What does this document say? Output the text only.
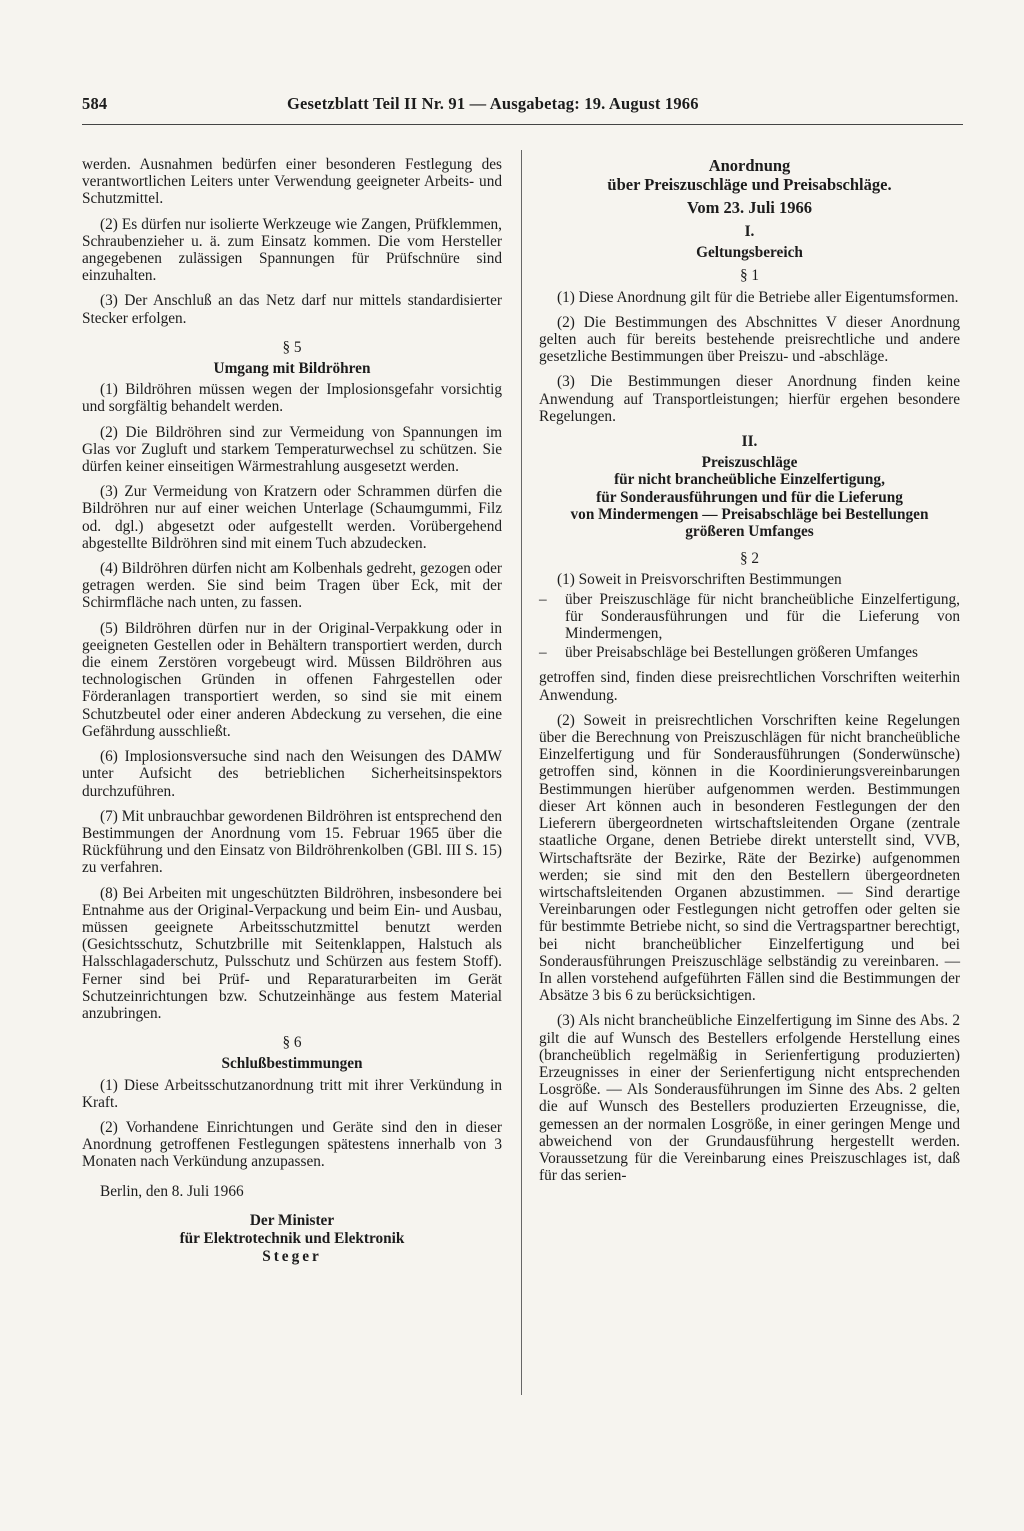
584	Gesetzblatt Teil II Nr. 91 — Ausgabetag: 19. August 1966

werden. Ausnahmen bedürfen einer besonderen Festlegung des verantwortlichen Leiters unter Verwendung geeigneter Arbeits- und Schutzmittel.

(2) Es dürfen nur isolierte Werkzeuge wie Zangen, Prüfklemmen, Schraubenzieher u. ä. zum Einsatz kommen. Die vom Hersteller angegebenen zulässigen Spannungen für Prüfschnüre sind einzuhalten.

(3) Der Anschluß an das Netz darf nur mittels standardisierter Stecker erfolgen.

§ 5
Umgang mit Bildröhren

(1) Bildröhren müssen wegen der Implosionsgefahr vorsichtig und sorgfältig behandelt werden.

(2) Die Bildröhren sind zur Vermeidung von Spannungen im Glas vor Zugluft und starkem Temperaturwechsel zu schützen. Sie dürfen keiner einseitigen Wärmestrahlung ausgesetzt werden.

(3) Zur Vermeidung von Kratzern oder Schrammen dürfen die Bildröhren nur auf einer weichen Unterlage (Schaumgummi, Filz od. dgl.) abgesetzt oder aufgestellt werden. Vorübergehend abgestellte Bildröhren sind mit einem Tuch abzudecken.

(4) Bildröhren dürfen nicht am Kolbenhals gedreht, gezogen oder getragen werden. Sie sind beim Tragen über Eck, mit der Schirmfläche nach unten, zu fassen.

(5) Bildröhren dürfen nur in der Original-Verpakkung oder in geeigneten Gestellen oder in Behältern transportiert werden, durch die einem Zerstören vorgebeugt wird. Müssen Bildröhren aus technologischen Gründen in offenen Fahrgestellen oder Förderanlagen transportiert werden, so sind sie mit einem Schutzbeutel oder einer anderen Abdeckung zu versehen, die eine Gefährdung ausschließt.

(6) Implosionsversuche sind nach den Weisungen des DAMW unter Aufsicht des betrieblichen Sicherheitsinspektors durchzuführen.

(7) Mit unbrauchbar gewordenen Bildröhren ist entsprechend den Bestimmungen der Anordnung vom 15. Februar 1965 über die Rückführung und den Einsatz von Bildröhrenkolben (GBl. III S. 15) zu verfahren.

(8) Bei Arbeiten mit ungeschützten Bildröhren, insbesondere bei Entnahme aus der Original-Verpackung und beim Ein- und Ausbau, müssen geeignete Arbeitsschutzmittel benutzt werden (Gesichtsschutz, Schutzbrille mit Seitenklappen, Halstuch als Halsschlagaderschutz, Pulsschutz und Schürzen aus festem Stoff). Ferner sind bei Prüf- und Reparaturarbeiten im Gerät Schutzeinrichtungen bzw. Schutzeinhänge aus festem Material anzubringen.

§ 6
Schlußbestimmungen

(1) Diese Arbeitsschutzanordnung tritt mit ihrer Verkündung in Kraft.

(2) Vorhandene Einrichtungen und Geräte sind den in dieser Anordnung getroffenen Festlegungen spätestens innerhalb von 3 Monaten nach Verkündung anzupassen.

Berlin, den 8. Juli 1966

Der Minister
für Elektrotechnik und Elektronik
Steger
Anordnung
über Preiszuschläge und Preisabschläge.
Vom 23. Juli 1966
I.
Geltungsbereich
§ 1

(1) Diese Anordnung gilt für die Betriebe aller Eigentumsformen.

(2) Die Bestimmungen des Abschnittes V dieser Anordnung gelten auch für bereits bestehende preisrechtliche und andere gesetzliche Bestimmungen über Preiszu- und -abschläge.

(3) Die Bestimmungen dieser Anordnung finden keine Anwendung auf Transportleistungen; hierfür ergehen besondere Regelungen.

II.
Preiszuschläge
für nicht brancheübliche Einzelfertigung,
für Sonderausführungen und für die Lieferung
von Mindermengen — Preisabschläge bei Bestellungen
größeren Umfanges
§ 2

(1) Soweit in Preisvorschriften Bestimmungen

– über Preiszuschläge für nicht brancheübliche Einzelfertigung, für Sonderausführungen und für die Lieferung von Mindermengen,
– über Preisabschläge bei Bestellungen größeren Umfanges

getroffen sind, finden diese preisrechtlichen Vorschriften weiterhin Anwendung.

(2) Soweit in preisrechtlichen Vorschriften keine Regelungen über die Berechnung von Preiszuschlägen für nicht brancheübliche Einzelfertigung und für Sonderausführungen (Sonderwünsche) getroffen sind, können in die Koordinierungsvereinbarungen Bestimmungen hierüber aufgenommen werden. Bestimmungen dieser Art können auch in besonderen Festlegungen der den Lieferern übergeordneten wirtschaftsleitenden Organe (zentrale staatliche Organe, denen Betriebe direkt unterstellt sind, VVB, Wirtschaftsräte der Bezirke, Räte der Bezirke) aufgenommen werden; sie sind mit den den Bestellern übergeordneten wirtschaftsleitenden Organen abzustimmen. — Sind derartige Vereinbarungen oder Festlegungen nicht getroffen oder gelten sie für bestimmte Betriebe nicht, so sind die Vertragspartner berechtigt, bei nicht brancheüblicher Einzelfertigung und bei Sonderausführungen Preiszuschläge selbständig zu vereinbaren. — In allen vorstehend aufgeführten Fällen sind die Bestimmungen der Absätze 3 bis 6 zu berücksichtigen.

(3) Als nicht brancheübliche Einzelfertigung im Sinne des Abs. 2 gilt die auf Wunsch des Bestellers erfolgende Herstellung eines (brancheüblich regelmäßig in Serienfertigung produzierten) Erzeugnisses in einer der Serienfertigung nicht entsprechenden Losgröße. — Als Sonderausführungen im Sinne des Abs. 2 gelten die auf Wunsch des Bestellers produzierten Erzeugnisse, die, gemessen an der normalen Losgröße, in einer geringen Menge und abweichend von der Grundausführung hergestellt werden. Voraussetzung für die Vereinbarung eines Preiszuschlages ist, daß für das serien-
